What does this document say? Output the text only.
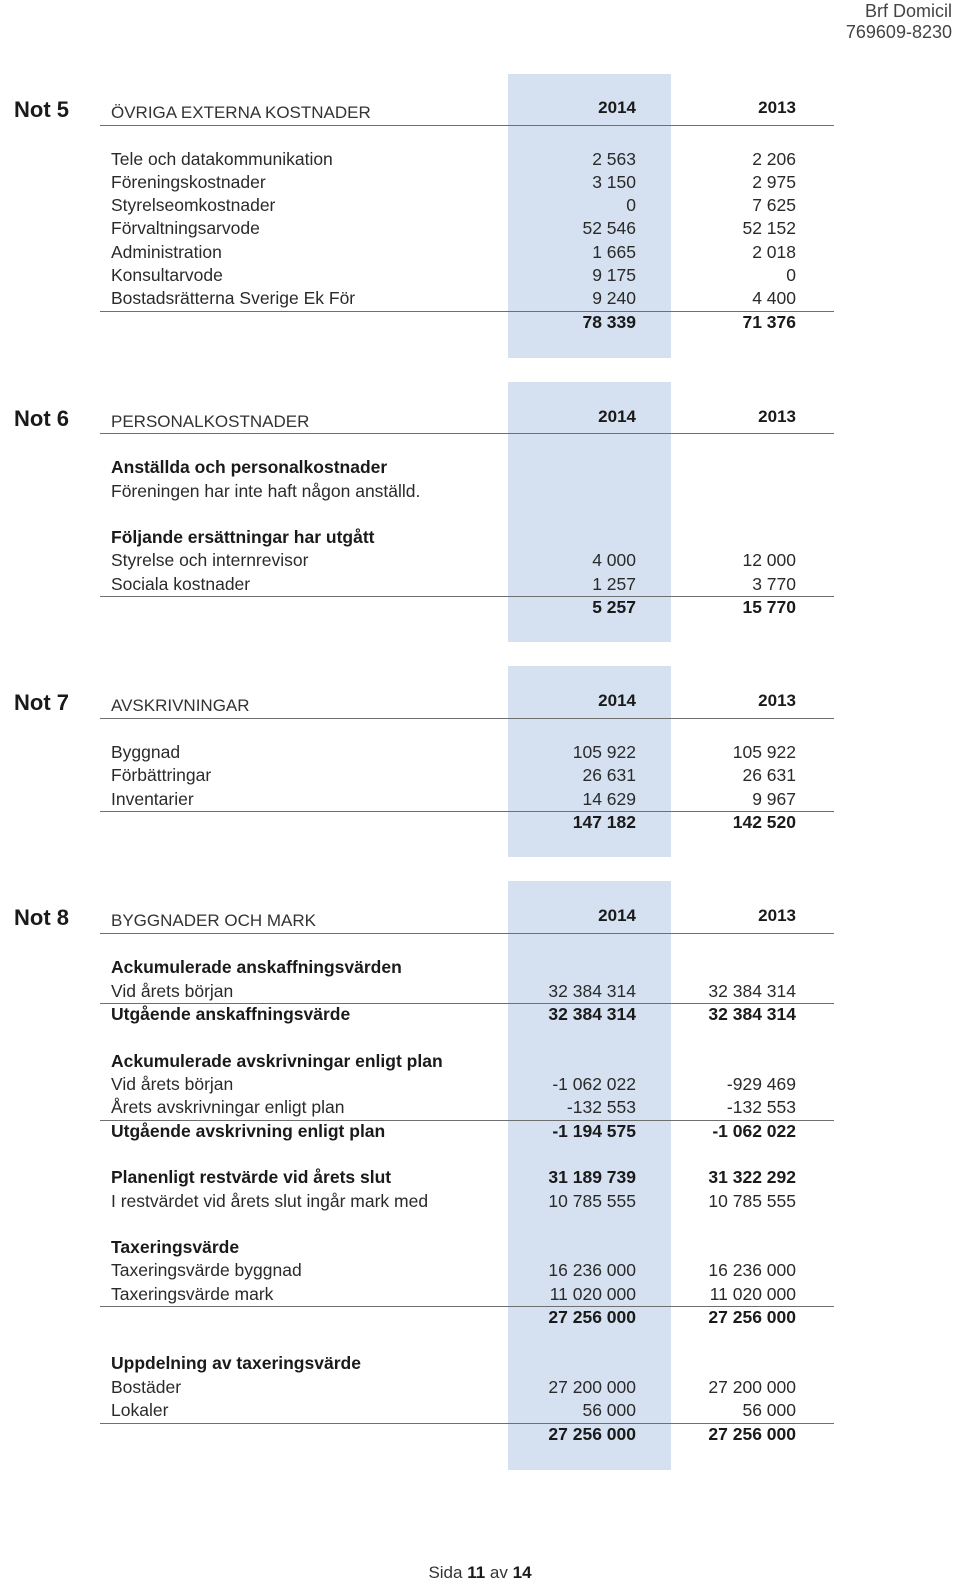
Brf Domicil
769609-8230
Not 5 ÖVRIGA EXTERNA KOSTNADER	2014	2013
Tele och datakommunikation	2 563	2 206
Föreningskostnader	3 150	2 975
Styrelseomkostnader	0	7 625
Förvaltningsarvode	52 546	52 152
Administration	1 665	2 018
Konsultarvode	9 175	0
Bostadsrätterna Sverige Ek För	9 240	4 400
78 339	71 376
Not 6 PERSONALKOSTNADER	2014	2013
Anställda och personalkostnader
Föreningen har inte haft någon anställd.
Följande ersättningar har utgått
Styrelse och internrevisor	4 000	12 000
Sociala kostnader	1 257	3 770
5 257	15 770
Not 7 AVSKRIVNINGAR	2014	2013
Byggnad	105 922	105 922
Förbättringar	26 631	26 631
Inventarier	14 629	9 967
147 182	142 520
Not 8 BYGGNADER OCH MARK	2014	2013
Ackumulerade anskaffningsvärden
Vid årets början	32 384 314	32 384 314
Utgående anskaffningsvärde	32 384 314	32 384 314
Ackumulerade avskrivningar enligt plan
Vid årets början	-1 062 022	-929 469
Årets avskrivningar enligt plan	-132 553	-132 553
Utgående avskrivning enligt plan	-1 194 575	-1 062 022
Planenligt restvärde vid årets slut	31 189 739	31 322 292
I restvärdet vid årets slut ingår mark med	10 785 555	10 785 555
Taxeringsvärde
Taxeringsvärde byggnad	16 236 000	16 236 000
Taxeringsvärde mark	11 020 000	11 020 000
27 256 000	27 256 000
Uppdelning av taxeringsvärde
Bostäder	27 200 000	27 200 000
Lokaler	56 000	56 000
27 256 000	27 256 000
Sida 11 av 14
